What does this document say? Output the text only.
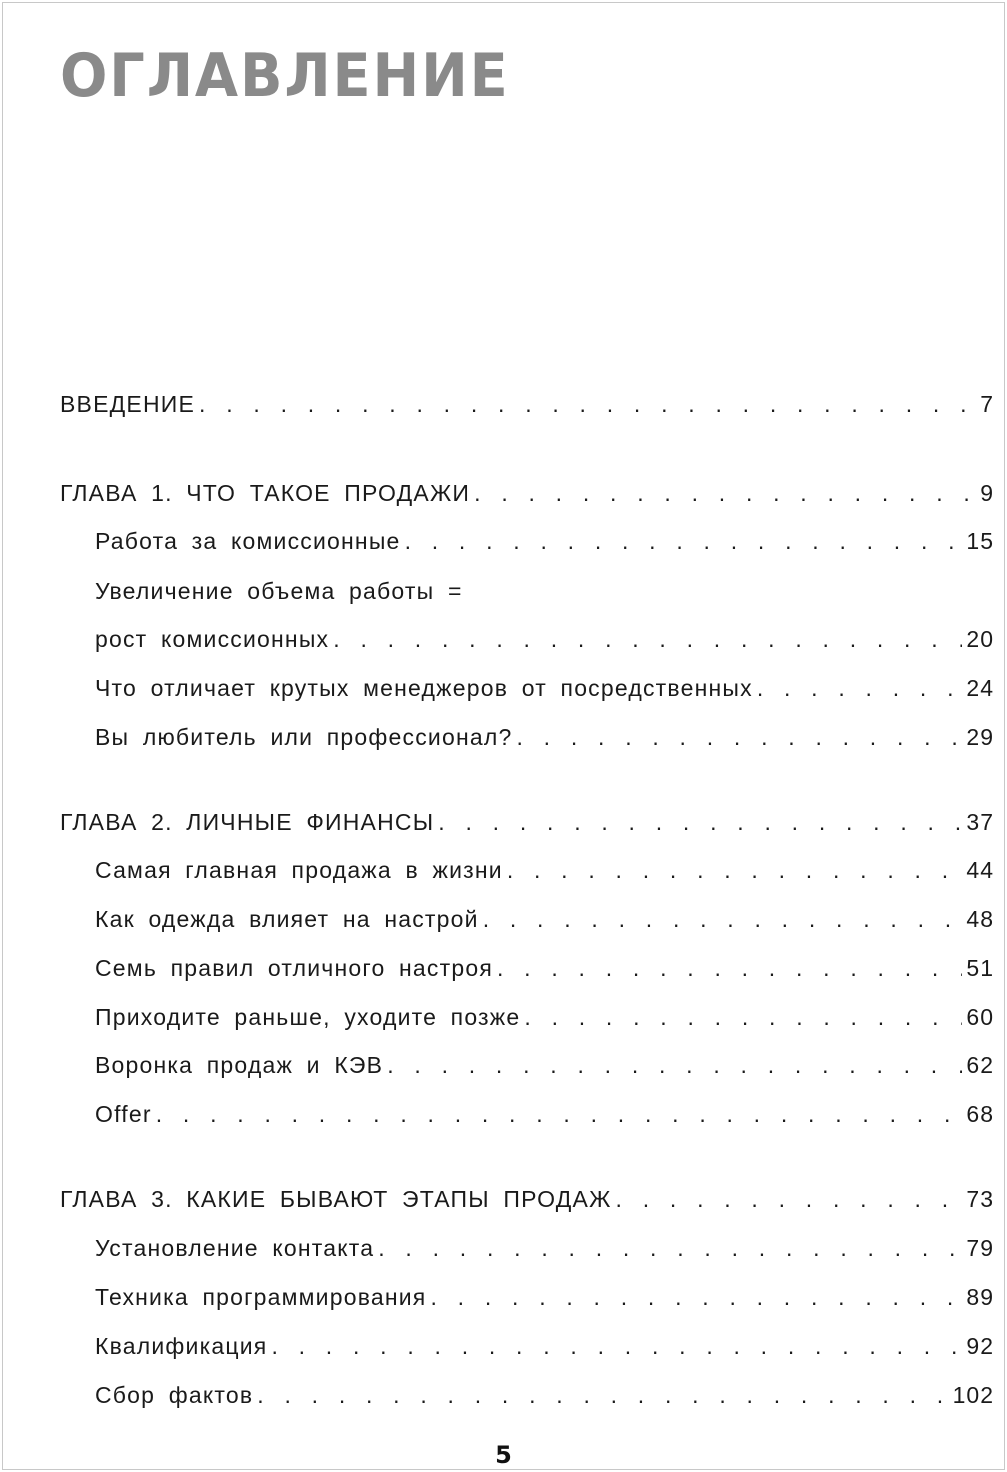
ОГЛАВЛЕНИЕ
ВВЕДЕНИЕ . . .	7
ГЛАВА 1. ЧТО ТАКОЕ ПРОДАЖИ . . .	9
Работа за комиссионные . . .	15
Увеличение объема работы =
рост комиссионных . . .	20
Что отличает крутых менеджеров от посредственных . . .	24
Вы любитель или профессионал? . . .	29
ГЛАВА 2. ЛИЧНЫЕ ФИНАНСЫ . . .	37
Самая главная продажа в жизни . . .	44
Как одежда влияет на настрой . . .	48
Семь правил отличного настроя . . .	51
Приходите раньше, уходите позже . . .	60
Воронка продаж и КЭВ . . .	62
Offer . . .	68
ГЛАВА 3. КАКИЕ БЫВАЮТ ЭТАПЫ ПРОДАЖ . . .	73
Установление контакта . . .	79
Техника программирования . . .	89
Квалификация . . .	92
Сбор фактов . . .	102
5
